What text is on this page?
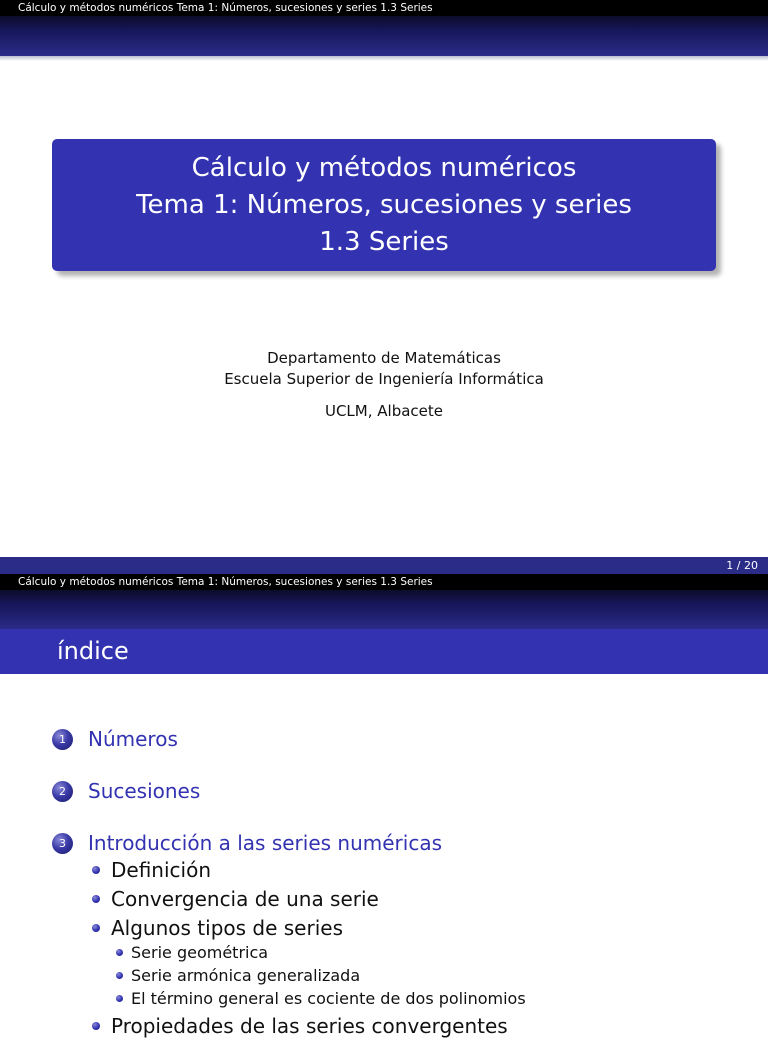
Cálculo y métodos numéricos Tema 1: Números, sucesiones y series 1.3 Series
Cálculo y métodos numéricos
Tema 1: Números, sucesiones y series
1.3 Series
Departamento de Matemáticas
Escuela Superior de Ingeniería Informática
UCLM, Albacete
1 / 20
Cálculo y métodos numéricos Tema 1: Números, sucesiones y series 1.3 Series
índice
1	Números
2	Sucesiones
3	Introducción a las series numéricas
Definición
Convergencia de una serie
Algunos tipos de series
Serie geométrica
Serie armónica generalizada
El término general es cociente de dos polinomios
Propiedades de las series convergentes
